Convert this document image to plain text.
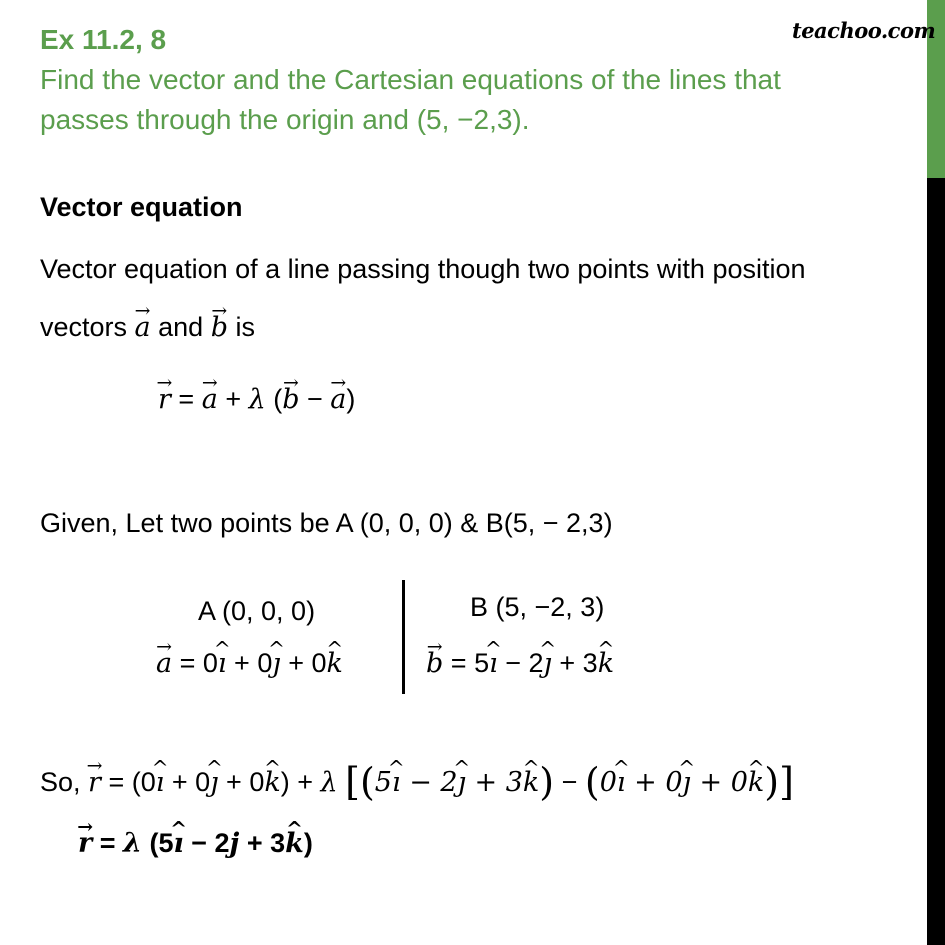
teachoo.com
Ex 11.2, 8
Find the vector and the Cartesian equations of the lines that passes through the origin and (5, −2,3).
Vector equation
Vector equation of a line passing though two points with position
vectors a → and b → is
r → = a → + λ (b → − a →)
Given, Let two points be A (0, 0, 0) & B(5, − 2,3)
A (0, 0, 0)
a → = 0ı ^ + 0ȷ ^ + 0k ^
B (5, −2, 3)
b → = 5ı ^ − 2ȷ ^ + 3k ^
So, r → = (0ı ^ + 0ȷ ^ + 0k ^) + λ [(5ı ^ − 2ȷ ^ + 3k ^) − (0ı ^ + 0ȷ ^ + 0k ^)]
r → = λ (5ı ^ − 2j + 3k ^)
